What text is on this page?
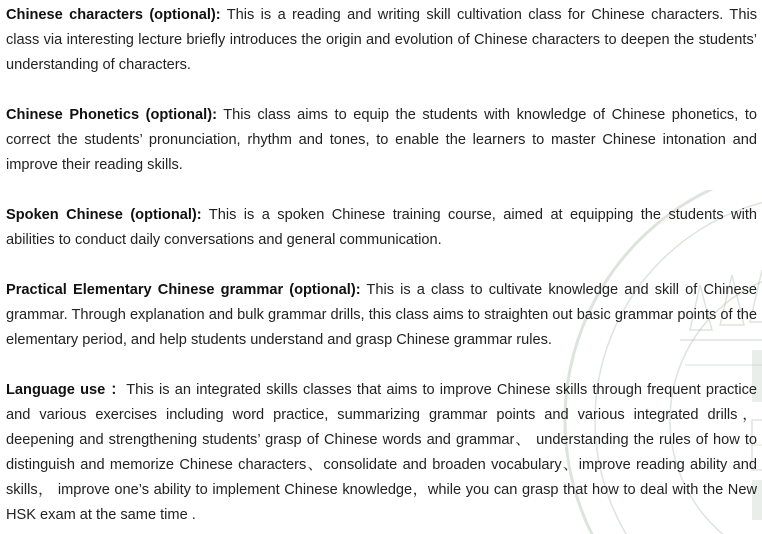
Chinese characters (optional): This is a reading and writing skill cultivation class for Chinese characters. This class via interesting lecture briefly introduces the origin and evolution of Chinese characters to deepen the students’ understanding of characters.

Chinese Phonetics (optional): This class aims to equip the students with knowledge of Chinese phonetics, to correct the students’ pronunciation, rhythm and tones, to enable the learners to master Chinese intonation and improve their reading skills.

Spoken Chinese (optional): This is a spoken Chinese training course, aimed at equipping the students with abilities to conduct daily conversations and general communication.

Practical Elementary Chinese grammar (optional): This is a class to cultivate knowledge and skill of Chinese grammar. Through explanation and bulk grammar drills, this class aims to straighten out basic grammar points of the elementary period, and help students understand and grasp Chinese grammar rules.

Language use ：This is an integrated skills classes that aims to improve Chinese skills through frequent practice and various exercises including word practice, summarizing grammar points and various integrated drills，deepening and strengthening students’ grasp of Chinese words and grammar、 understanding the rules of how to distinguish and memorize Chinese characters、consolidate and broaden vocabulary、improve reading ability and skills， improve one’s ability to implement Chinese knowledge，while you can grasp that how to deal with the New HSK exam at the same time .
